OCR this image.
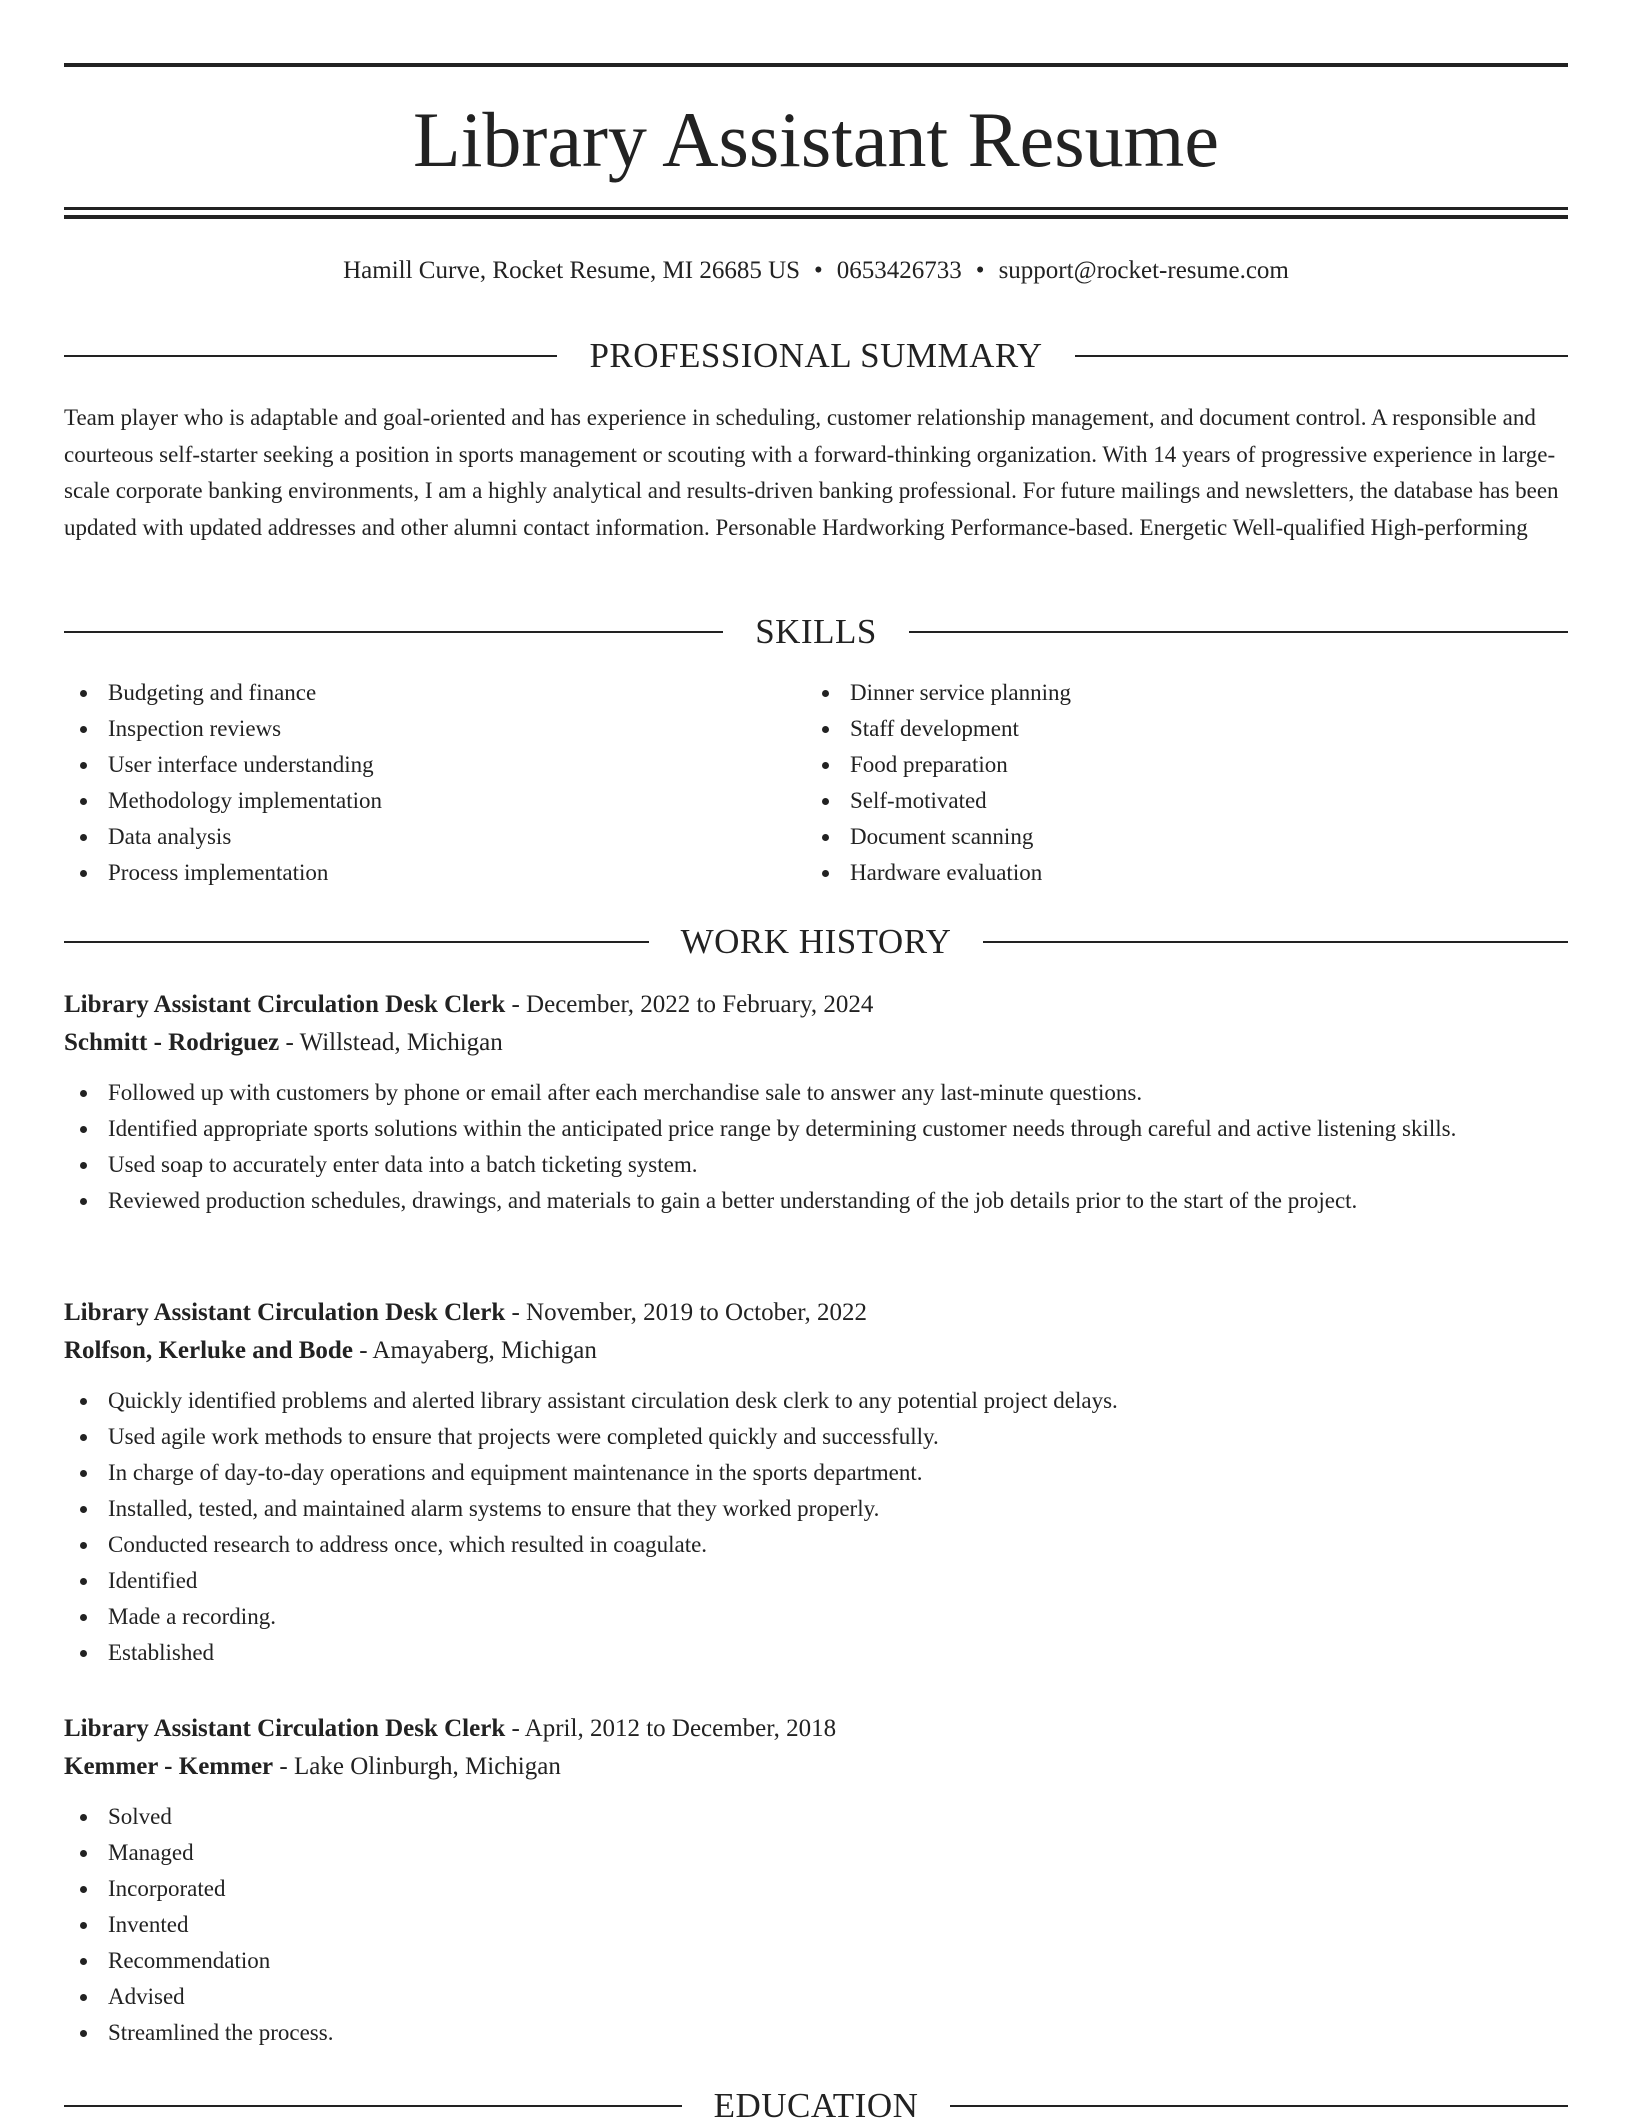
Library Assistant Resume
Hamill Curve, Rocket Resume, MI 26685 US • 0653426733 • support@rocket-resume.com
PROFESSIONAL SUMMARY

Team player who is adaptable and goal-oriented and has experience in scheduling, customer relationship management, and document control. A responsible and courteous self-starter seeking a position in sports management or scouting with a forward-thinking organization. With 14 years of progressive experience in large-scale corporate banking environments, I am a highly analytical and results-driven banking professional. For future mailings and newsletters, the database has been updated with updated addresses and other alumni contact information. Personable Hardworking Performance-based. Energetic Well-qualified High-performing

SKILLS
Budgeting and finance
Inspection reviews
User interface understanding
Methodology implementation
Data analysis
Process implementation
Dinner service planning
Staff development
Food preparation
Self-motivated
Document scanning
Hardware evaluation
WORK HISTORY
Library Assistant Circulation Desk Clerk - December, 2022 to February, 2024
Schmitt - Rodriguez - Willstead, Michigan
Followed up with customers by phone or email after each merchandise sale to answer any last-minute questions.
Identified appropriate sports solutions within the anticipated price range by determining customer needs through careful and active listening skills.
Used soap to accurately enter data into a batch ticketing system.
Reviewed production schedules, drawings, and materials to gain a better understanding of the job details prior to the start of the project.
Library Assistant Circulation Desk Clerk - November, 2019 to October, 2022
Rolfson, Kerluke and Bode - Amayaberg, Michigan
Quickly identified problems and alerted library assistant circulation desk clerk to any potential project delays.
Used agile work methods to ensure that projects were completed quickly and successfully.
In charge of day-to-day operations and equipment maintenance in the sports department.
Installed, tested, and maintained alarm systems to ensure that they worked properly.
Conducted research to address once, which resulted in coagulate.
Identified
Made a recording.
Established
Library Assistant Circulation Desk Clerk - April, 2012 to December, 2018
Kemmer - Kemmer - Lake Olinburgh, Michigan
Solved
Managed
Incorporated
Invented
Recommendation
Advised
Streamlined the process.
EDUCATION
